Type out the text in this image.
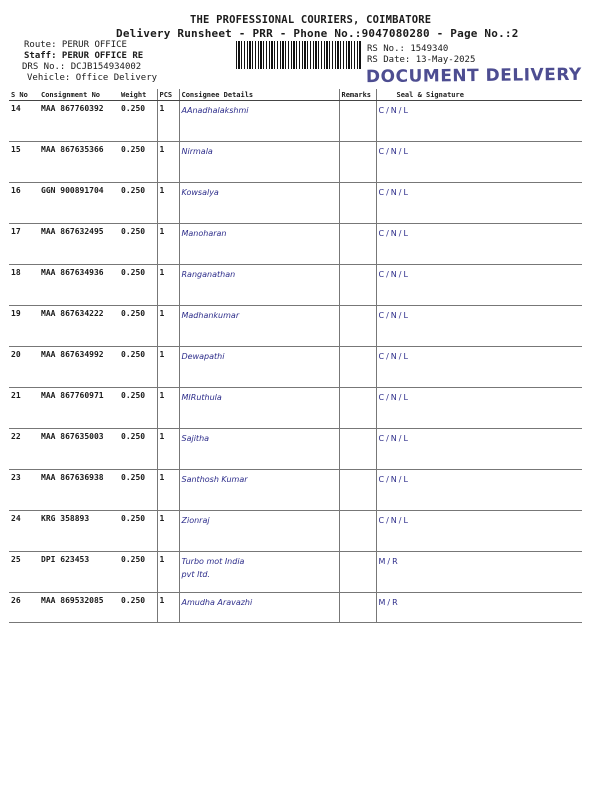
THE PROFESSIONAL COURIERS, COIMBATORE
Delivery Runsheet - PRR - Phone No.:9047080280 - Page No.:2
Route: PERUR OFFICE
Staff: PERUR OFFICE RE
DRS No.: DCJB154934002
Vehicle: Office Delivery
RS No.: 1549340
RS Date: 13-May-2025
DOCUMENT DELIVERY
S No	Consignment No	Weight	PCS	Consignee Details	Remarks	Seal & Signature
14	MAA 867760392	0.250	1	AAnadhalakshmi		C/N/L
15	MAA 867635366	0.250	1	Nirmala		C/N/L
16	GGN 900891704	0.250	1	Kowsalya		C/N/L
17	MAA 867632495	0.250	1	Manoharan		C/N/L
18	MAA 867634936	0.250	1	Ranganathan		C/N/L
19	MAA 867634222	0.250	1	Madhankumar		C/N/L
20	MAA 867634992	0.250	1	Dewapathi		C/N/L
21	MAA 867760971	0.250	1	MIRuthula		C/N/L
22	MAA 867635003	0.250	1	Sajitha		C/N/L
23	MAA 867636938	0.250	1	Santhosh Kumar		C/N/L
24	KRG 358893	0.250	1	Zionraj		C/N/L
25	DPI 623453	0.250	1	Turbo mot India
pvt ltd.		M/R
26	MAA 869532085	0.250	1	Amudha Aravazhi		M/R
